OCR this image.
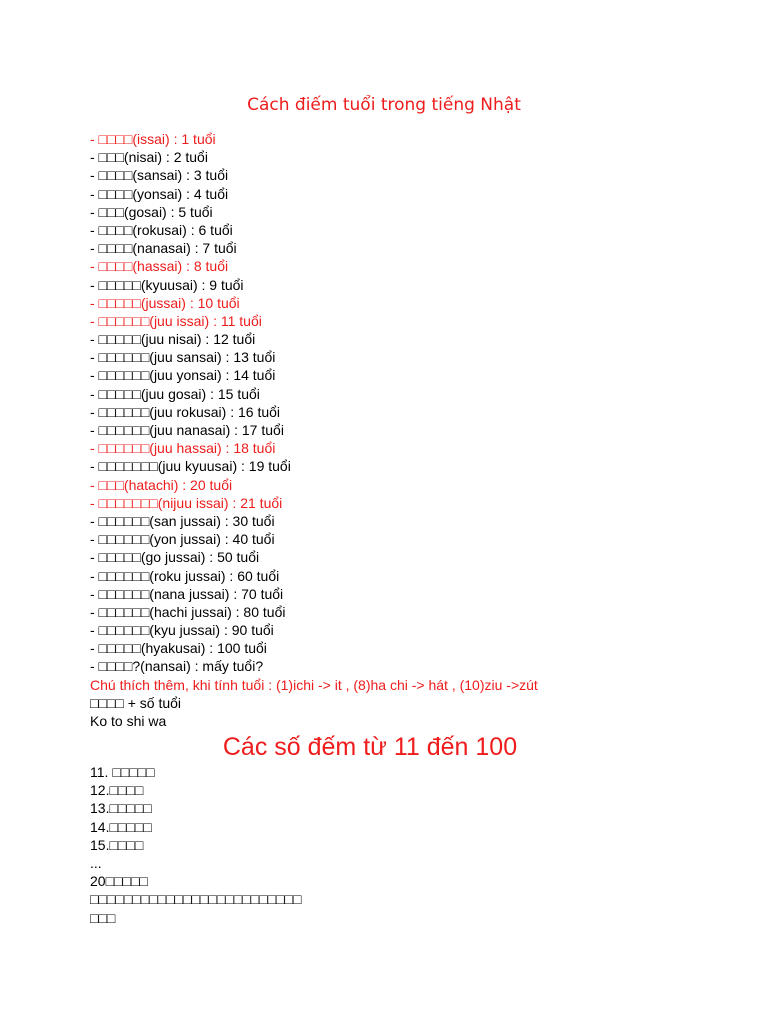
Cách điếm tuổi trong tiếng Nhật
- □□□□(issai) : 1 tuổi
- □□□(nisai) : 2 tuổi
- □□□□(sansai) : 3 tuổi
- □□□□(yonsai) : 4 tuổi
- □□□(gosai) : 5 tuổi
- □□□□(rokusai) : 6 tuổi
- □□□□(nanasai) : 7 tuổi
- □□□□(hassai) : 8 tuổi
- □□□□□(kyuusai) : 9 tuổi
- □□□□□(jussai) : 10 tuổi
- □□□□□□(juu issai) : 11 tuổi
- □□□□□(juu nisai) : 12 tuổi
- □□□□□□(juu sansai) : 13 tuổi
- □□□□□□(juu yonsai) : 14 tuổi
- □□□□□(juu gosai) : 15 tuổi
- □□□□□□(juu rokusai) : 16 tuổi
- □□□□□□(juu nanasai) : 17 tuổi
- □□□□□□(juu hassai) : 18 tuổi
- □□□□□□□(juu kyuusai) : 19 tuổi
- □□□(hatachi) : 20 tuổi
- □□□□□□□(nijuu issai) : 21 tuổi
- □□□□□□(san jussai) : 30 tuổi
- □□□□□□(yon jussai) : 40 tuổi
- □□□□□(go jussai) : 50 tuổi
- □□□□□□(roku jussai) : 60 tuổi
- □□□□□□(nana jussai) : 70 tuổi
- □□□□□□(hachi jussai) : 80 tuổi
- □□□□□□(kyu jussai) : 90 tuổi
- □□□□□(hyakusai) : 100 tuổi
- □□□□?(nansai) : mấy tuổi?
Chú thích thêm, khi tính tuổi : (1)ichi -> it , (8)ha chi -> hát , (10)ziu ->zút
□□□□ + số tuổi
Ko to shi wa
Các số đếm từ 11 đến 100
11. □□□□□
12.□□□□
13.□□□□□
14.□□□□□
15.□□□□
...
20□□□□□
□□□□□□□□□□□□□□□□□□□□□□□□□
□□□
